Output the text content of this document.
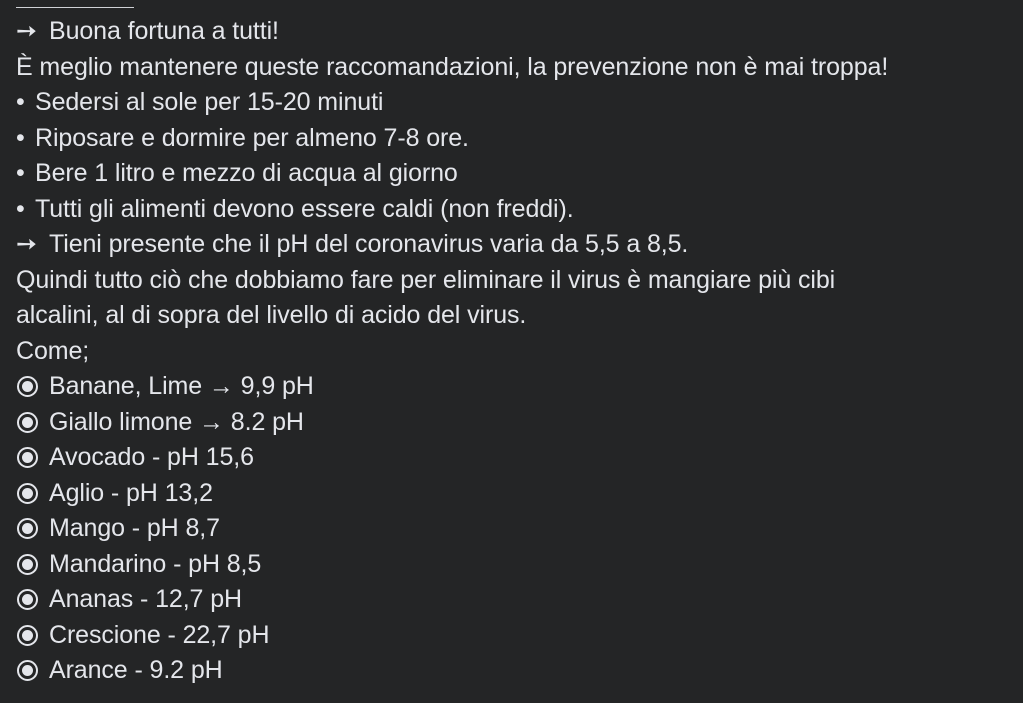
➙ Buona fortuna a tutti!
È meglio mantenere queste raccomandazioni, la prevenzione non è mai troppa!
• Sedersi al sole per 15-20 minuti
• Riposare e dormire per almeno 7-8 ore.
• Bere 1 litro e mezzo di acqua al giorno
• Tutti gli alimenti devono essere caldi (non freddi).
➙ Tieni presente che il pH del coronavirus varia da 5,5 a 8,5.
Quindi tutto ciò che dobbiamo fare per eliminare il virus è mangiare più cibi
alcalini, al di sopra del livello di acido del virus.
Come;
Banane, Lime → 9,9 pH
Giallo limone → 8.2 pH
Avocado - pH 15,6
Aglio - pH 13,2
Mango - pH 8,7
Mandarino - pH 8,5
Ananas - 12,7 pH
Crescione - 22,7 pH
Arance - 9.2 pH
